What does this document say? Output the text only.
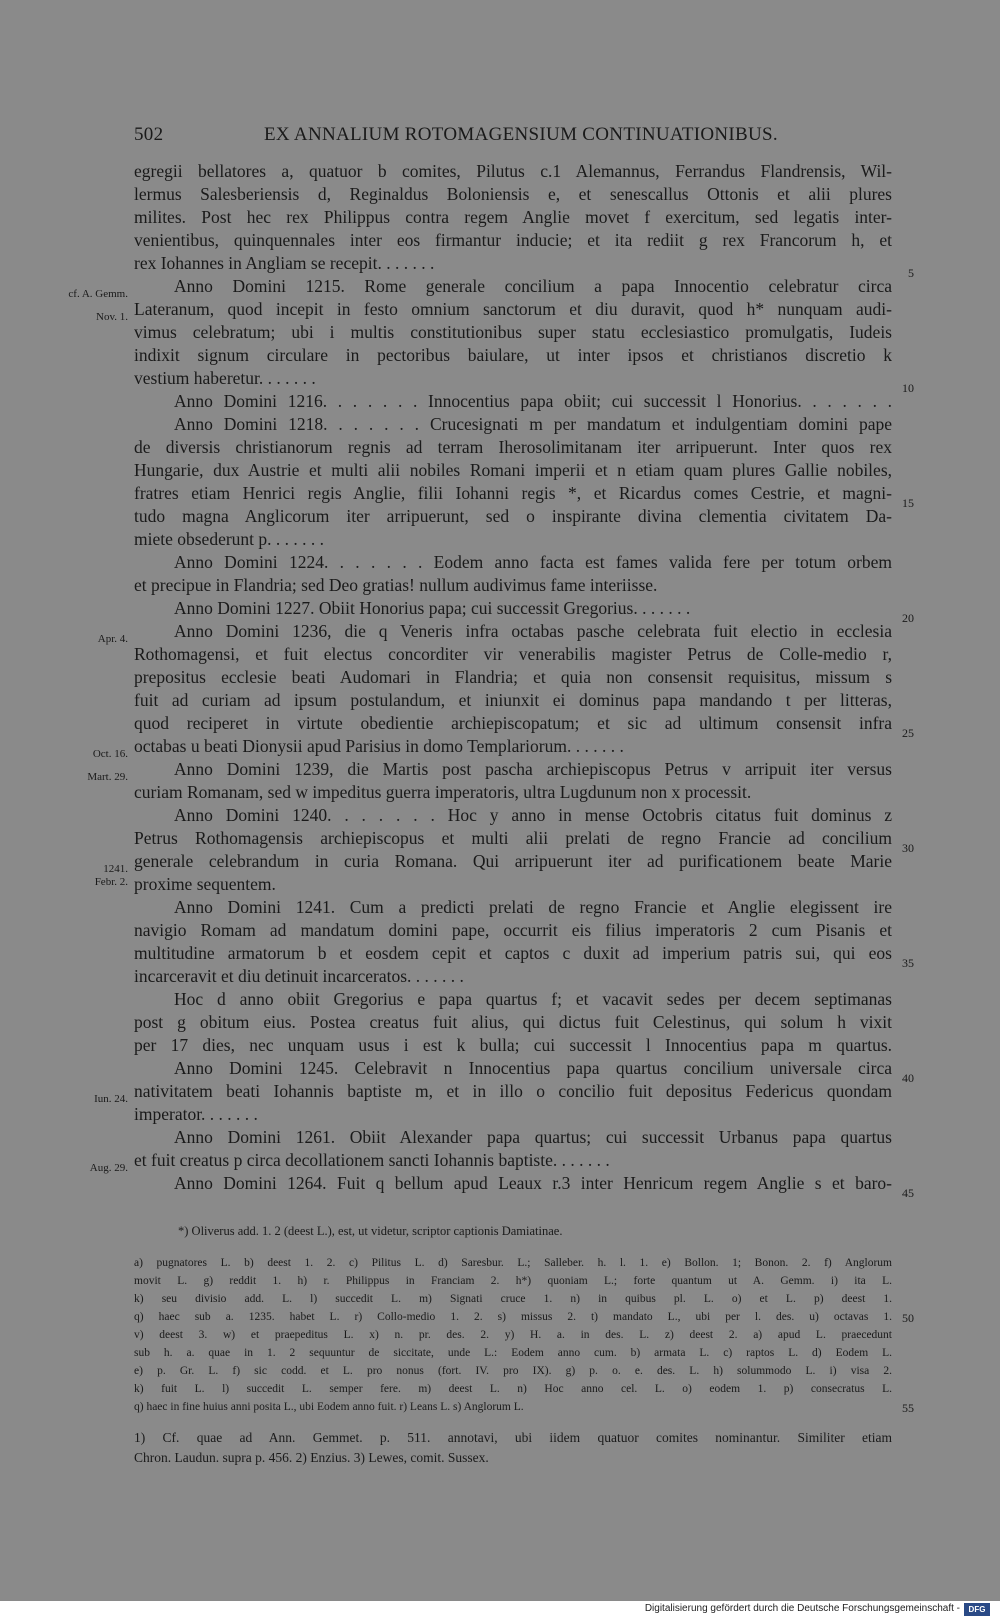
502	EX ANNALIUM ROTOMAGENSIUM CONTINUATIONIBUS.
egregii bellatores a, quatuor b comites, Pilutus c.1 Alemannus, Ferrandus Flandrensis, Wil-
lermus Salesberiensis d, Reginaldus Boloniensis e, et senescallus Ottonis et alii plures
milites. Post hec rex Philippus contra regem Anglie movet f exercitum, sed legatis inter-
venientibus, quinquennales inter eos firmantur inducie; et ita rediit g rex Francorum h, et
rex Iohannes in Angliam se recepit. . . . . . .
Anno Domini 1215. Rome generale concilium a papa Innocentio celebratur circa
Lateranum, quod incepit in festo omnium sanctorum et diu duravit, quod h* nunquam audi-
vimus celebratum; ubi i multis constitutionibus super statu ecclesiastico promulgatis, Iudeis
indixit signum circulare in pectoribus baiulare, ut inter ipsos et christianos discretio k
vestium haberetur. . . . . . .
Anno Domini 1216. . . . . . . Innocentius papa obiit; cui successit l Honorius. . . . . . .
Anno Domini 1218. . . . . . . Crucesignati m per mandatum et indulgentiam domini pape
de diversis christianorum regnis ad terram Iherosolimitanam iter arripuerunt. Inter quos rex
Hungarie, dux Austrie et multi alii nobiles Romani imperii et n etiam quam plures Gallie nobiles,
fratres etiam Henrici regis Anglie, filii Iohanni regis *, et Ricardus comes Cestrie, et magni-
tudo magna Anglicorum iter arripuerunt, sed o inspirante divina clementia civitatem Da-
miete obsederunt p. . . . . . .
Anno Domini 1224. . . . . . . Eodem anno facta est fames valida fere per totum orbem
et precipue in Flandria; sed Deo gratias! nullum audivimus fame interiisse.
Anno Domini 1227. Obiit Honorius papa; cui successit Gregorius. . . . . . .
Anno Domini 1236, die q Veneris infra octabas pasche celebrata fuit electio in ecclesia
Rothomagensi, et fuit electus concorditer vir venerabilis magister Petrus de Colle-medio r,
prepositus ecclesie beati Audomari in Flandria; et quia non consensit requisitus, missum s
fuit ad curiam ad ipsum postulandum, et iniunxit ei dominus papa mandando t per litteras,
quod reciperet in virtute obedientie archiepiscopatum; et sic ad ultimum consensit infra
octabas u beati Dionysii apud Parisius in domo Templariorum. . . . . . .
Anno Domini 1239, die Martis post pascha archiepiscopus Petrus v arripuit iter versus
curiam Romanam, sed w impeditus guerra imperatoris, ultra Lugdunum non x processit.
Anno Domini 1240. . . . . . . Hoc y anno in mense Octobris citatus fuit dominus z
Petrus Rothomagensis archiepiscopus et multi alii prelati de regno Francie ad concilium
generale celebrandum in curia Romana. Qui arripuerunt iter ad purificationem beate Marie
proxime sequentem.
Anno Domini 1241. Cum a predicti prelati de regno Francie et Anglie elegissent ire
navigio Romam ad mandatum domini pape, occurrit eis filius imperatoris 2 cum Pisanis et
multitudine armatorum b et eosdem cepit et captos c duxit ad imperium patris sui, qui eos
incarceravit et diu detinuit incarceratos. . . . . . .
Hoc d anno obiit Gregorius e papa quartus f; et vacavit sedes per decem septimanas
post g obitum eius. Postea creatus fuit alius, qui dictus fuit Celestinus, qui solum h vixit
per 17 dies, nec unquam usus i est k bulla; cui successit l Innocentius papa m quartus.
Anno Domini 1245. Celebravit n Innocentius papa quartus concilium universale circa
nativitatem beati Iohannis baptiste m, et in illo o concilio fuit depositus Federicus quondam
imperator. . . . . . .
Anno Domini 1261. Obiit Alexander papa quartus; cui successit Urbanus papa quartus
et fuit creatus p circa decollationem sancti Iohannis baptiste. . . . . . .
Anno Domini 1264. Fuit q bellum apud Leaux r.3 inter Henricum regem Anglie s et baro-
cf. A. Gemm.
Nov. 1.
Apr. 4.
Oct. 16.
Mart. 29.
1241.
Febr. 2.
Iun. 24.
Aug. 29.
5
10
15
20
25
30
35
40
45
50
55
*) Oliverus add. 1. 2 (deest L.), est, ut videtur, scriptor captionis Damiatinae.
a) pugnatores L. b) deest 1. 2. c) Pilitus L. d) Saresbur. L.; Salleber. h. l. 1. e) Bollon. 1; Bonon. 2. f) Anglorum
movit L. g) reddit 1. h) r. Philippus in Franciam 2. h*) quoniam L.; forte quantum ut A. Gemm. i) ita L.
k) seu divisio add. L. l) succedit L. m) Signati cruce 1. n) in quibus pl. L. o) et L. p) deest 1.
q) haec sub a. 1235. habet L. r) Collo-medio 1. 2. s) missus 2. t) mandato L., ubi per l. des. u) octavas 1.
v) deest 3. w) et praepeditus L. x) n. pr. des. 2. y) H. a. in des. L. z) deest 2. a) apud L. praecedunt
sub h. a. quae in 1. 2 sequuntur de siccitate, unde L.: Eodem anno cum. b) armata L. c) raptos L. d) Eodem L.
e) p. Gr. L. f) sic codd. et L. pro nonus (fort. IV. pro IX). g) p. o. e. des. L. h) solummodo L. i) visa 2.
k) fuit L. l) succedit L. semper fere. m) deest L. n) Hoc anno cel. L. o) eodem 1. p) consecratus L.
q) haec in fine huius anni posita L., ubi Eodem anno fuit. r) Leans L. s) Anglorum L.
1) Cf. quae ad Ann. Gemmet. p. 511. annotavi, ubi iidem quatuor comites nominantur. Similiter etiam
Chron. Laudun. supra p. 456. 2) Enzius. 3) Lewes, comit. Sussex.
Digitalisierung gefördert durch die Deutsche Forschungsgemeinschaft -	DFG
